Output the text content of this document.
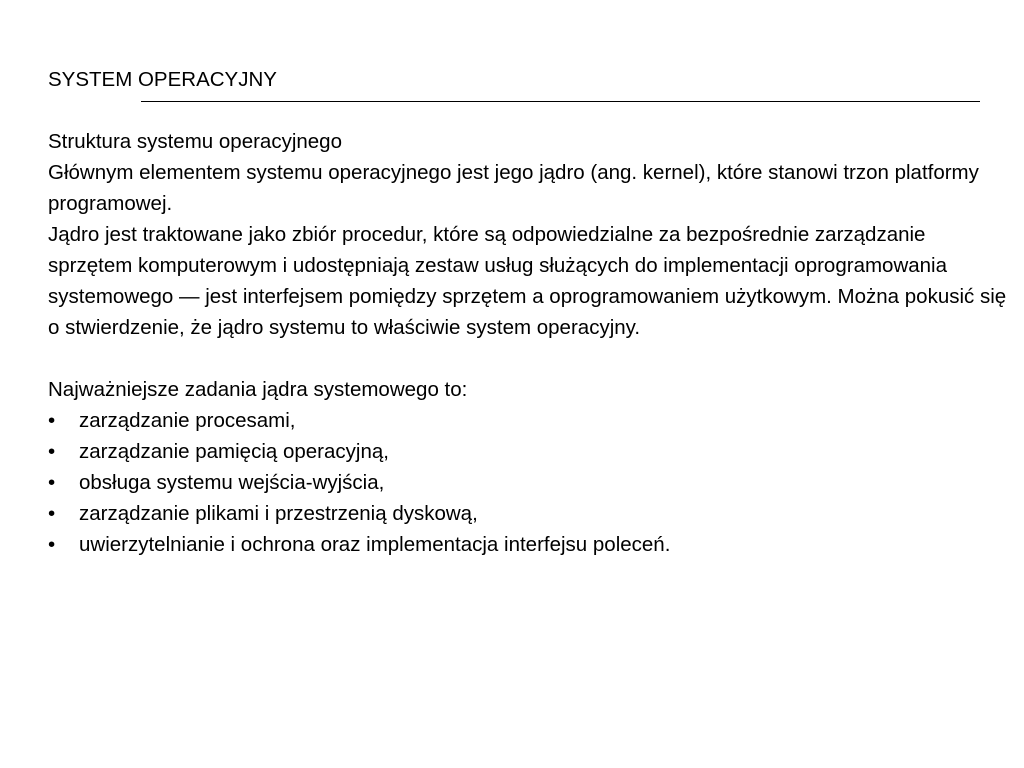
SYSTEM OPERACYJNY

Struktura systemu operacyjnego

Głównym elementem systemu operacyjnego jest jego jądro (ang. kernel), które stanowi trzon platformy programowej.

Jądro jest traktowane jako zbiór procedur, które są odpowiedzialne za bezpośrednie zarządzanie sprzętem komputerowym i udostępniają zestaw usług służących do implementacji oprogramowania systemowego — jest interfejsem pomiędzy sprzętem a oprogramowaniem użytkowym. Można pokusić się o stwierdzenie, że jądro systemu to właściwie system operacyjny.

Najważniejsze zadania jądra systemowego to:

• zarządzanie procesami,
• zarządzanie pamięcią operacyjną,
• obsługa systemu wejścia-wyjścia,
• zarządzanie plikami i przestrzenią dyskową,
• uwierzytelnianie i ochrona oraz implementacja interfejsu poleceń.
